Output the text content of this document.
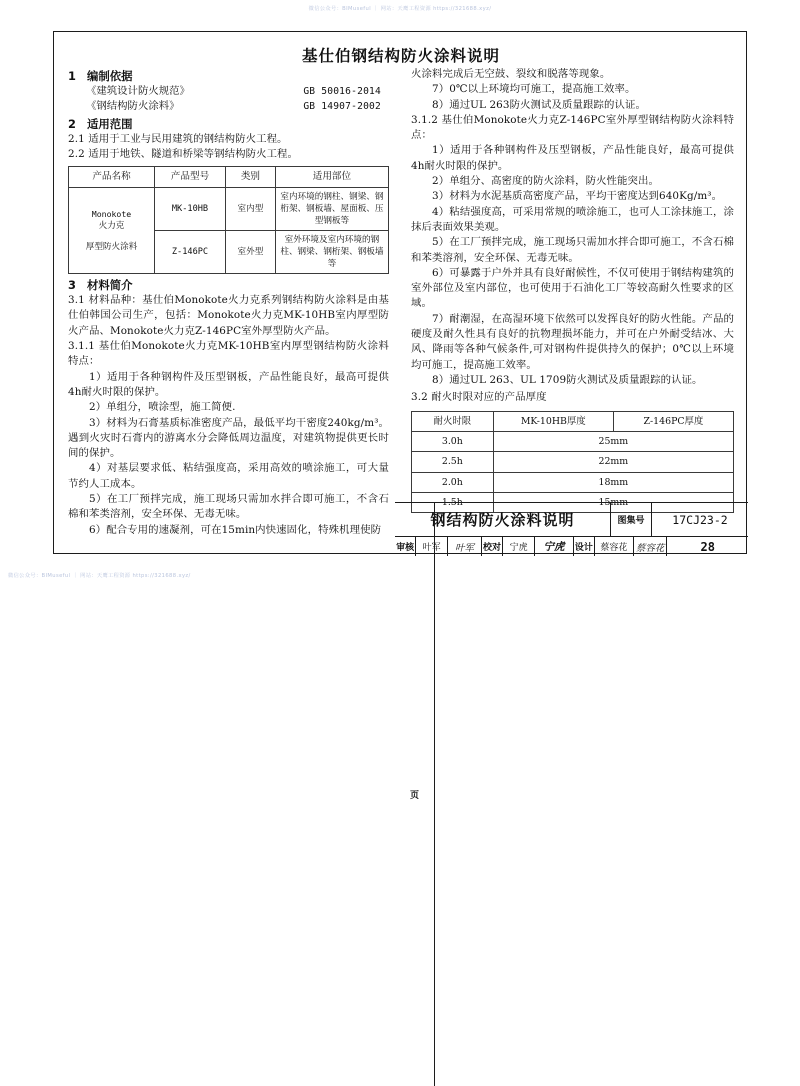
微信公众号：BIMuseful ｜ 网站：天鹰工程资源 https://321688.xyz/
基仕伯钢结构防火涂料说明
1 编制依据
《建筑设计防火规范》	GB 50016-2014
《钢结构防火涂料》	GB 14907-2002
2 适用范围

2.1 适用于工业与民用建筑的钢结构防火工程。

2.2 适用于地铁、隧道和桥梁等钢结构防火工程。

产品名称	产品型号	类别	适用部位

Monokote
火力克
厚型防火涂料	MK-10HB	室内型	室内环境的钢柱、钢梁、钢桁架、钢板墙、屋面板、压型钢板等
	Z-146PC	室外型	室外环境及室内环境的钢柱、钢梁、钢桁架、钢板墙等
3 材料简介

3.1 材料品种：基仕伯Monokote火力克系列钢结构防火涂料是由基仕伯韩国公司生产，包括：Monokote火力克MK-10HB室内厚型防火产品、Monokote火力克Z-146PC室外厚型防火产品。

3.1.1 基仕伯Monokote火力克MK-10HB室内厚型钢结构防火涂料特点：

1）适用于各种钢构件及压型钢板，产品性能良好，最高可提供4h耐火时限的保护。

2）单组分，喷涂型，施工简便.

3）材料为石膏基质标准密度产品，最低平均干密度240kg/m³。遇到火灾时石膏内的游离水分会降低周边温度，对建筑物提供更长时间的保护。

4）对基层要求低、粘结强度高，采用高效的喷涂施工，可大量节约人工成本。

5）在工厂预拌完成，施工现场只需加水拌合即可施工，不含石棉和苯类溶剂，安全环保、无毒无味。

6）配合专用的速凝剂，可在15min内快速固化，特殊机理使防

火涂料完成后无空鼓、裂纹和脱落等现象。

7）0℃以上环境均可施工，提高施工效率。

8）通过UL 263防火测试及质量跟踪的认证。

3.1.2 基仕伯Monokote火力克Z-146PC室外厚型钢结构防火涂料特点：

1）适用于各种钢构件及压型钢板，产品性能良好，最高可提供4h耐火时限的保护。

2）单组分、高密度的防火涂料，防火性能突出。

3）材料为水泥基质高密度产品，平均干密度达到640Kg/m³。

4）粘结强度高，可采用常规的喷涂施工，也可人工涂抹施工，涂抹后表面效果美观。

5）在工厂预拌完成，施工现场只需加水拌合即可施工，不含石棉和苯类溶剂，安全环保、无毒无味。

6）可暴露于户外并具有良好耐候性，不仅可使用于钢结构建筑的室外部位及室内部位，也可使用于石油化工厂等较高耐久性要求的区域。

7）耐潮湿，在高湿环境下依然可以发挥良好的防火性能。产品的硬度及耐久性具有良好的抗物理损坏能力，并可在户外耐受结冰、大风、降雨等各种气候条件,可对钢构件提供持久的保护；0℃以上环境均可施工，提高施工效率。

8）通过UL 263、UL 1709防火测试及质量跟踪的认证。

3.2 耐火时限对应的产品厚度

耐火时限	MK-10HB厚度	Z-146PC厚度
3.0h	25mm	
2.5h	22mm	
2.0h	18mm	
1.5h	15mm	
钢结构防火涂料说明	图集号	17CJ23-2
审核 叶军	叶军 校对 宁虎	宁虎	设计 蔡容花 蔡容花
页
28
微信公众号：BIMuseful ｜ 网站：天鹰工程资源 https://321688.xyz/
